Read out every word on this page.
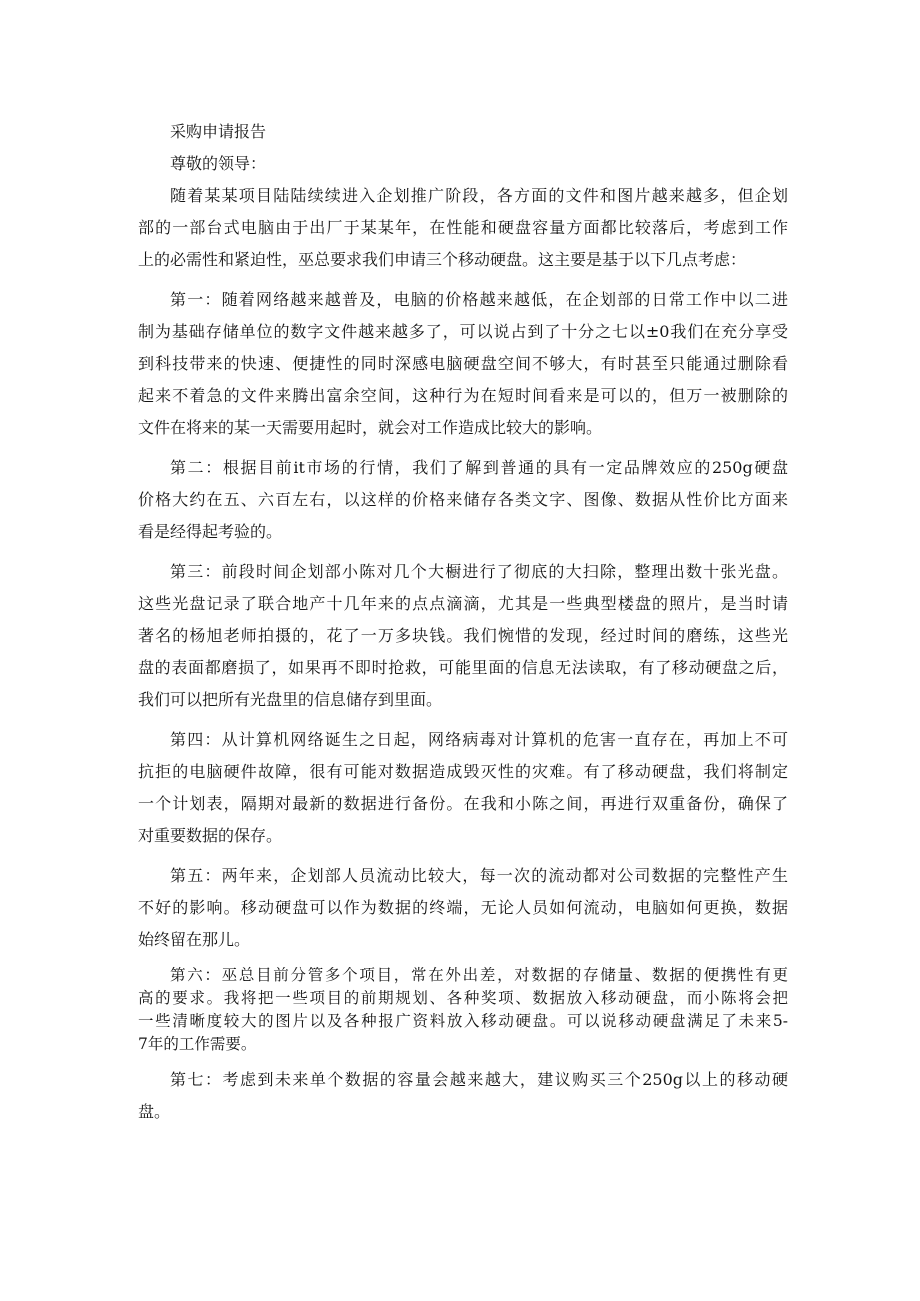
采购申请报告
尊敬的领导：
随着某某项目陆陆续续进入企划推广阶段，各方面的文件和图片越来越多，但企划
部的一部台式电脑由于出厂于某某年，在性能和硬盘容量方面都比较落后，考虑到工作
上的必需性和紧迫性，巫总要求我们申请三个移动硬盘。这主要是基于以下几点考虑：
第一：随着网络越来越普及，电脑的价格越来越低，在企划部的日常工作中以二进
制为基础存储单位的数字文件越来越多了，可以说占到了十分之七以±0我们在充分享受
到科技带来的快速、便捷性的同时深感电脑硬盘空间不够大，有时甚至只能通过删除看
起来不着急的文件来腾出富余空间，这种行为在短时间看来是可以的，但万一被删除的
文件在将来的某一天需要用起时，就会对工作造成比较大的影响。
第二：根据目前it市场的行情，我们了解到普通的具有一定品牌效应的250g硬盘
价格大约在五、六百左右，以这样的价格来储存各类文字、图像、数据从性价比方面来
看是经得起考验的。
第三：前段时间企划部小陈对几个大橱进行了彻底的大扫除，整理出数十张光盘。
这些光盘记录了联合地产十几年来的点点滴滴，尤其是一些典型楼盘的照片，是当时请
著名的杨旭老师拍摄的，花了一万多块钱。我们惋惜的发现，经过时间的磨练，这些光
盘的表面都磨损了，如果再不即时抢救，可能里面的信息无法读取，有了移动硬盘之后，
我们可以把所有光盘里的信息储存到里面。
第四：从计算机网络诞生之日起，网络病毒对计算机的危害一直存在，再加上不可
抗拒的电脑硬件故障，很有可能对数据造成毁灭性的灾难。有了移动硬盘，我们将制定
一个计划表，隔期对最新的数据进行备份。在我和小陈之间，再进行双重备份，确保了
对重要数据的保存。
第五：两年来，企划部人员流动比较大，每一次的流动都对公司数据的完整性产生
不好的影响。移动硬盘可以作为数据的终端，无论人员如何流动，电脑如何更换，数据
始终留在那儿。
第六：巫总目前分管多个项目，常在外出差，对数据的存储量、数据的便携性有更
高的要求。我将把一些项目的前期规划、各种奖项、数据放入移动硬盘，而小陈将会把
一些清晰度较大的图片以及各种报广资料放入移动硬盘。可以说移动硬盘满足了未来5-
7年的工作需要。
第七：考虑到未来单个数据的容量会越来越大，建议购买三个250g以上的移动硬
盘。
